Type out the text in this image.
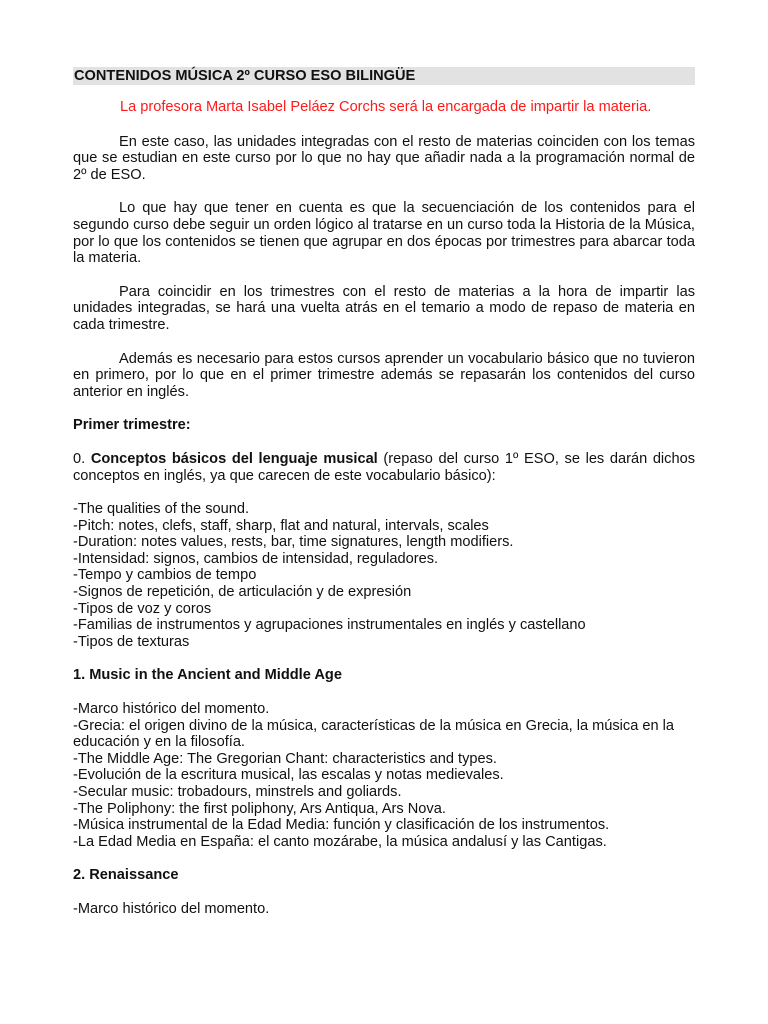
CONTENIDOS MÚSICA 2º CURSO ESO BILINGÜE
La profesora Marta Isabel Peláez Corchs será la encargada de impartir la materia.

En este caso, las unidades integradas con el resto de materias coinciden con los temas que se estudian en este curso por lo que no hay que añadir nada a la programación normal de 2º de ESO.

Lo que hay que tener en cuenta es que la secuenciación de los contenidos para el segundo curso debe seguir un orden lógico al tratarse en un curso toda la Historia de la Música, por lo que los contenidos se tienen que agrupar en dos épocas por trimestres para abarcar toda la materia.

Para coincidir en los trimestres con el resto de materias a la hora de impartir las unidades integradas, se hará una vuelta atrás en el temario a modo de repaso de materia en cada trimestre.

Además es necesario para estos cursos aprender un vocabulario básico que no tuvieron en primero, por lo que en el primer trimestre además se repasarán los contenidos del curso anterior en inglés.

Primer trimestre:

0. Conceptos básicos del lenguaje musical (repaso del curso 1º ESO, se les darán dichos conceptos en inglés, ya que carecen de este vocabulario básico):

-The qualities of the sound.
-Pitch: notes, clefs, staff, sharp, flat and natural, intervals, scales
-Duration: notes values, rests, bar, time signatures, length modifiers.
-Intensidad: signos, cambios de intensidad, reguladores.
-Tempo y cambios de tempo
-Signos de repetición, de articulación y de expresión
-Tipos de voz y coros
-Familias de instrumentos y agrupaciones instrumentales en inglés y castellano
-Tipos de texturas
1. Music in the Ancient and Middle Age
-Marco histórico del momento.
-Grecia: el origen divino de la música, características de la música en Grecia, la música en la educación y en la filosofía.
-The Middle Age: The Gregorian Chant: characteristics and types.
-Evolución de la escritura musical, las escalas y notas medievales.
-Secular music: trobadours, minstrels and goliards.
-The Poliphony: the first poliphony, Ars Antiqua, Ars Nova.
-Música instrumental de la Edad Media: función y clasificación de los instrumentos.
-La Edad Media en España: el canto mozárabe, la música andalusí y las Cantigas.
2. Renaissance
-Marco histórico del momento.
